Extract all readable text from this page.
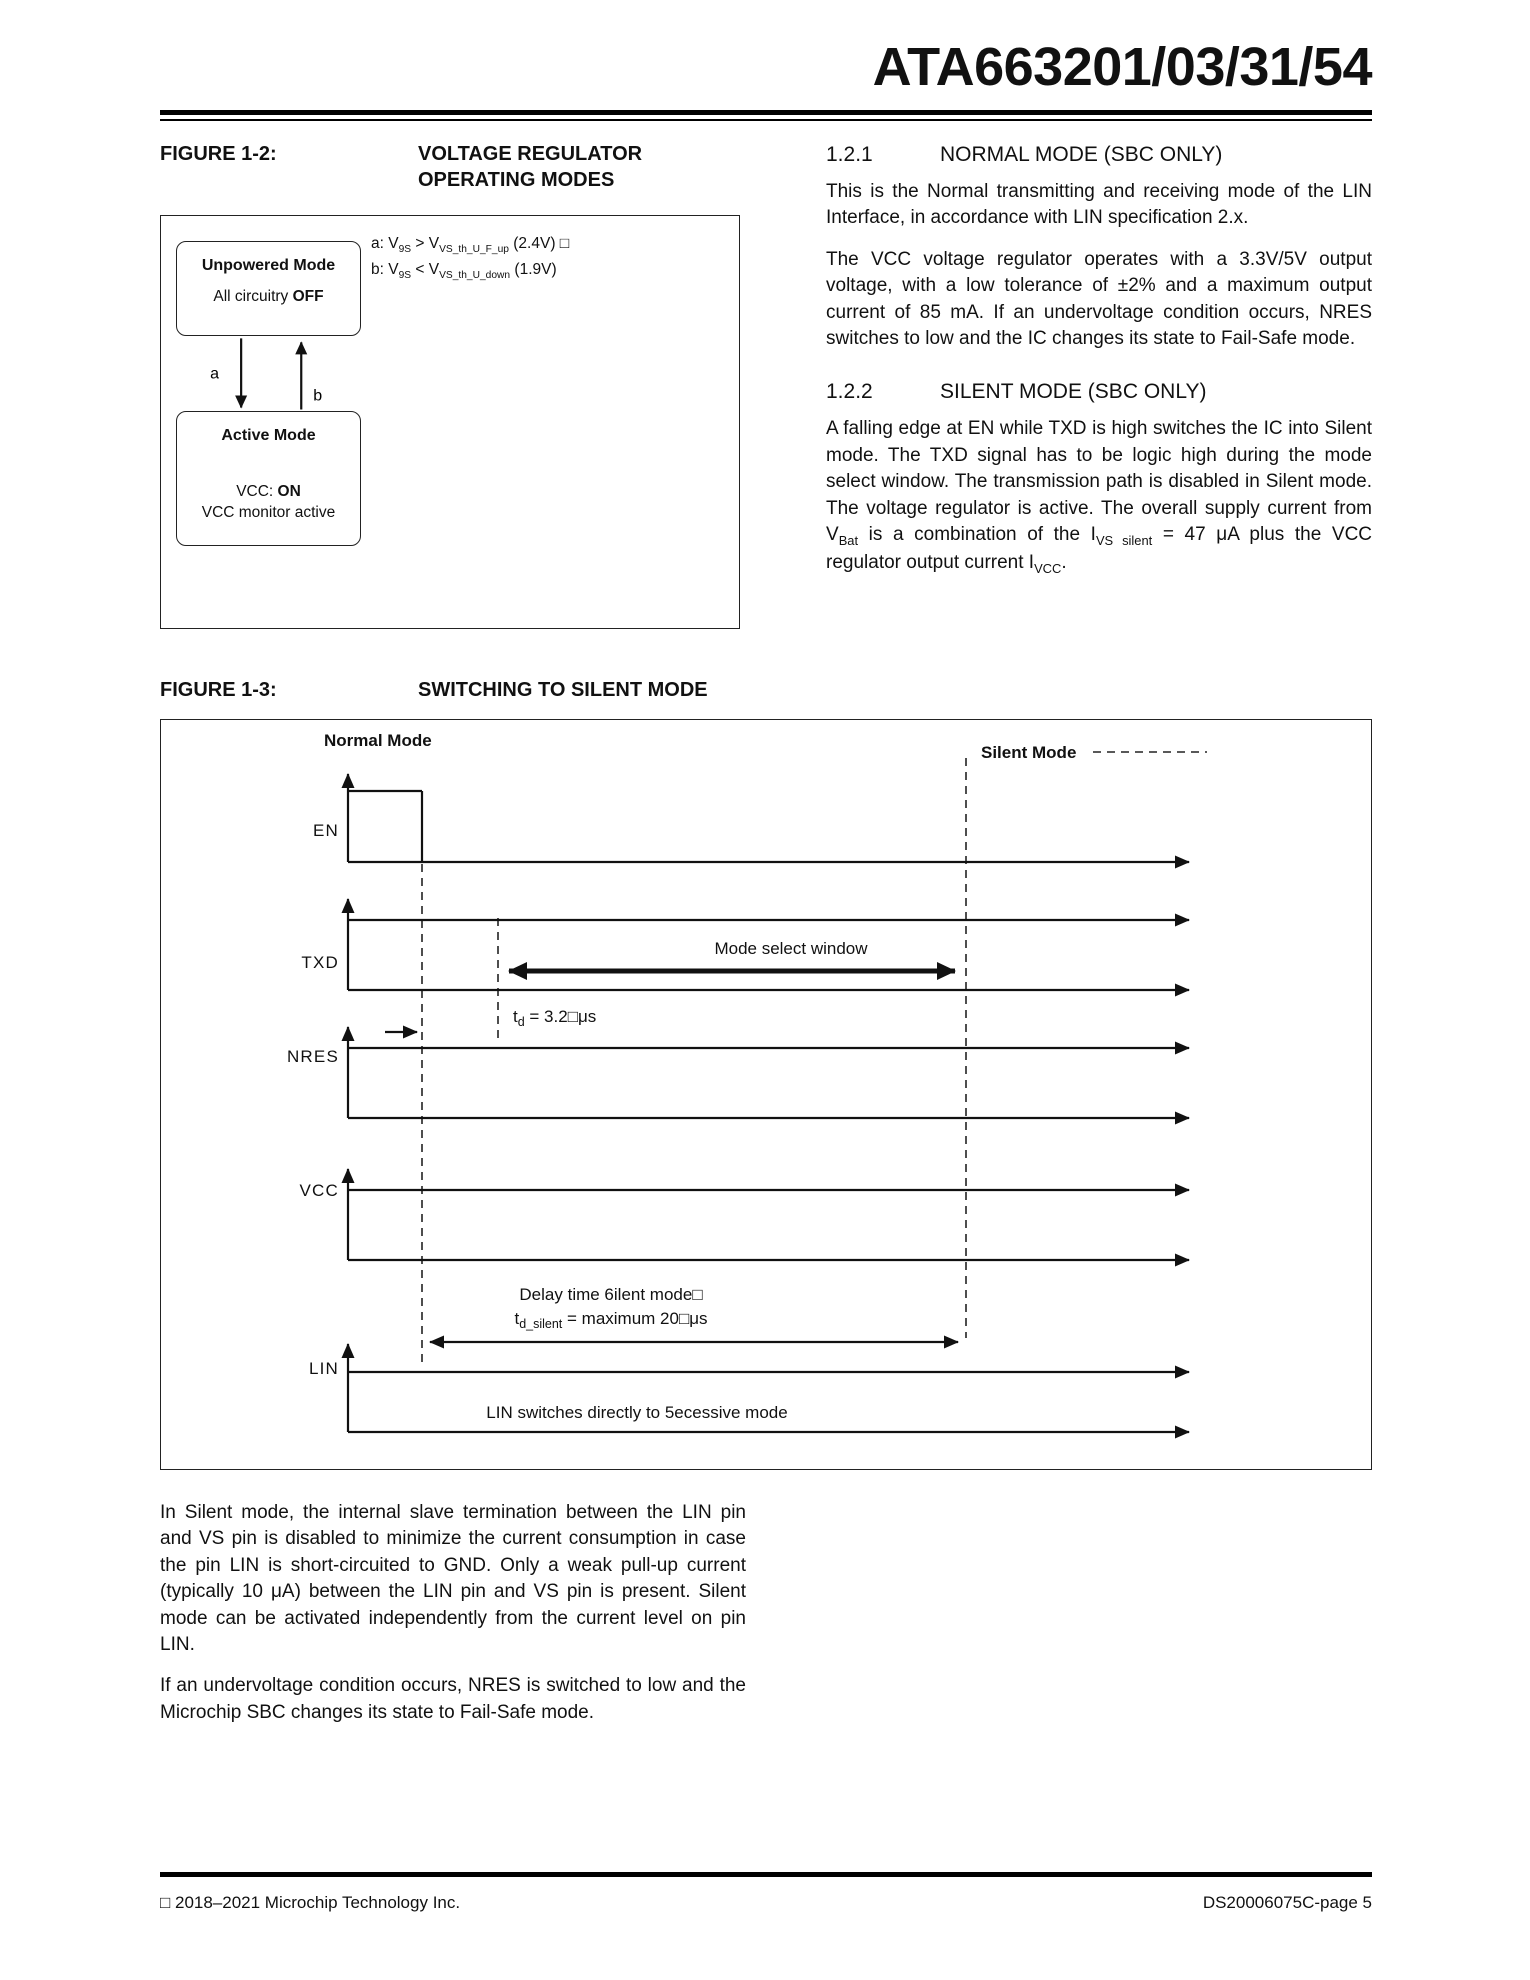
ATA663201/03/31/54
FIGURE 1-2:	VOLTAGE REGULATOR
OPERATING MODES
a
b
Unpowered Mode
All circuitry OFF
Active Mode
VCC: ON
VCC monitor active
a: $V_{9S} > V_{VS\_th\_U\_F\_up}$ (2.4V) □
b: $V_{9S} < V_{VS\_th\_U\_down}$ (1.9V)
1.2.1	NORMAL MODE (SBC ONLY)

This is the Normal transmitting and receiving mode of the LIN Interface, in accordance with LIN specification 2.x.

The VCC voltage regulator operates with a 3.3V/5V output voltage, with a low tolerance of ±2% and a maximum output current of 85 mA. If an undervoltage condition occurs, NRES switches to low and the IC changes its state to Fail-Safe mode.

1.2.2	SILENT MODE (SBC ONLY)

A falling edge at EN while TXD is high switches the IC into Silent mode. The TXD signal has to be logic high during the mode select window. The transmission path is disabled in Silent mode. The voltage regulator is active. The overall supply current from $V_{Bat}$ is a combination of the $I_{VS silent} = 47$ μA plus the VCC regulator output current $I_{VCC}$.

FIGURE 1-3:	SWITCHING TO SILENT MODE
Normal Mode
Silent Mode
EN
TXD
Mode select window
$t_d$ = 3.2□μs
NRES
VCC
Delay time 6ilent mode□
$t_{d\_silent}$ = maximum 20□μs
LIN
LIN switches directly to 5ecessive mode

In Silent mode, the internal slave termination between the LIN pin and VS pin is disabled to minimize the current consumption in case the pin LIN is short-circuited to GND. Only a weak pull-up current (typically 10 μA) between the LIN pin and VS pin is present. Silent mode can be activated independently from the current level on pin LIN.

If an undervoltage condition occurs, NRES is switched to low and the Microchip SBC changes its state to Fail-Safe mode.

□ 2018–2021 Microchip Technology Inc.	DS20006075C-page 5
